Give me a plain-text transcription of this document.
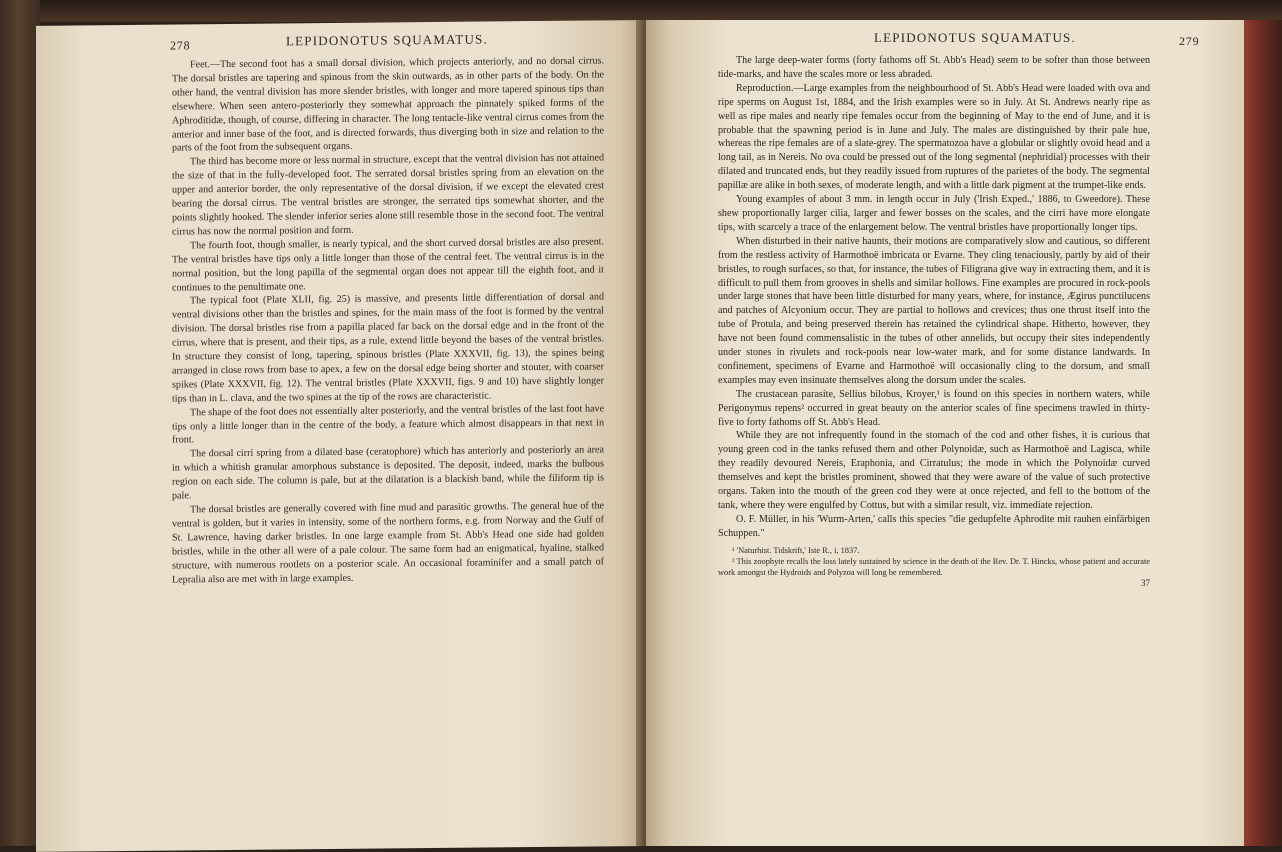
278	LEPIDONOTUS SQUAMATUS.

Feet.—The second foot has a small dorsal division, which projects anteriorly, and no dorsal cirrus. The dorsal bristles are tapering and spinous from the skin outwards, as in other parts of the body. On the other hand, the ventral division has more slender bristles, with longer and more tapered spinous tips than elsewhere. When seen antero-posteriorly they somewhat approach the pinnately spiked forms of the Aphroditidæ, though, of course, differing in character. The long tentacle-like ventral cirrus comes from the anterior and inner base of the foot, and is directed forwards, thus diverging both in size and relation to the parts of the foot from the subsequent organs.

The third has become more or less normal in structure, except that the ventral division has not attained the size of that in the fully-developed foot. The serrated dorsal bristles spring from an elevation on the upper and anterior border, the only representative of the dorsal division, if we except the elevated crest bearing the dorsal cirrus. The ventral bristles are stronger, the serrated tips somewhat shorter, and the points slightly hooked. The slender inferior series alone still resemble those in the second foot. The ventral cirrus has now the normal position and form.

The fourth foot, though smaller, is nearly typical, and the short curved dorsal bristles are also present. The ventral bristles have tips only a little longer than those of the central feet. The ventral cirrus is in the normal position, but the long papilla of the segmental organ does not appear till the eighth foot, and it continues to the penultimate one.

The typical foot (Plate XLII, fig. 25) is massive, and presents little differentiation of dorsal and ventral divisions other than the bristles and spines, for the main mass of the foot is formed by the ventral division. The dorsal bristles rise from a papilla placed far back on the dorsal edge and in the front of the cirrus, where that is present, and their tips, as a rule, extend little beyond the bases of the ventral bristles. In structure they consist of long, tapering, spinous bristles (Plate XXXVII, fig. 13), the spines being arranged in close rows from base to apex, a few on the dorsal edge being shorter and stouter, with coarser spikes (Plate XXXVII, fig. 12). The ventral bristles (Plate XXXVII, figs. 9 and 10) have slightly longer tips than in L. clava, and the two spines at the tip of the rows are characteristic.

The shape of the foot does not essentially alter posteriorly, and the ventral bristles of the last foot have tips only a little longer than in the centre of the body, a feature which almost disappears in that next in front.

The dorsal cirri spring from a dilated base (ceratophore) which has anteriorly and posteriorly an area in which a whitish granular amorphous substance is deposited. The deposit, indeed, marks the bulbous region on each side. The column is pale, but at the dilatation is a blackish band, while the filiform tip is pale.

The dorsal bristles are generally covered with fine mud and parasitic growths. The general hue of the ventral is golden, but it varies in intensity, some of the northern forms, e.g. from Norway and the Gulf of St. Lawrence, having darker bristles. In one large example from St. Abb's Head one side had golden bristles, while in the other all were of a pale colour. The same form had an enigmatical, hyaline, stalked structure, with numerous rootlets on a posterior scale. An occasional foraminifer and a small patch of Lepralia also are met with in large examples.

LEPIDONOTUS SQUAMATUS.	279

The large deep-water forms (forty fathoms off St. Abb's Head) seem to be softer than those between tide-marks, and have the scales more or less abraded.

Reproduction.—Large examples from the neighbourhood of St. Abb's Head were loaded with ova and ripe sperms on August 1st, 1884, and the Irish examples were so in July. At St. Andrews nearly ripe as well as ripe males and nearly ripe females occur from the beginning of May to the end of June, and it is probable that the spawning period is in June and July. The males are distinguished by their pale hue, whereas the ripe females are of a slate-grey. The spermatozoa have a globular or slightly ovoid head and a long tail, as in Nereis. No ova could be pressed out of the long segmental (nephridial) processes with their dilated and truncated ends, but they readily issued from ruptures of the parietes of the body. The segmental papillæ are alike in both sexes, of moderate length, and with a little dark pigment at the trumpet-like ends.

Young examples of about 3 mm. in length occur in July ('Irish Exped.,' 1886, to Gweedore). These shew proportionally larger cilia, larger and fewer bosses on the scales, and the cirri have more elongate tips, with scarcely a trace of the enlargement below. The ventral bristles have proportionally longer tips.

When disturbed in their native haunts, their motions are comparatively slow and cautious, so different from the restless activity of Harmothoë imbricata or Evarne. They cling tenaciously, partly by aid of their bristles, to rough surfaces, so that, for instance, the tubes of Filigrana give way in extracting them, and it is difficult to pull them from grooves in shells and similar hollows. Fine examples are procured in rock-pools under large stones that have been little disturbed for many years, where, for instance, Ægirus punctilucens and patches of Alcyonium occur. They are partial to hollows and crevices; thus one thrust itself into the tube of Protula, and being preserved therein has retained the cylindrical shape. Hitherto, however, they have not been found commensalistic in the tubes of other annelids, but occupy their sites independently under stones in rivulets and rock-pools near low-water mark, and for some distance landwards. In confinement, specimens of Evarne and Harmothoë will occasionally cling to the dorsum, and small examples may even insinuate themselves along the dorsum under the scales.

The crustacean parasite, Sellius bilobus, Kroyer,¹ is found on this species in northern waters, while Perigonymus repens² occurred in great beauty on the anterior scales of fine specimens trawled in thirty-five to forty fathoms off St. Abb's Head.

While they are not infrequently found in the stomach of the cod and other fishes, it is curious that young green cod in the tanks refused them and other Polynoidæ, such as Harmothoë and Lagisca, while they readily devoured Nereis, Eraphonia, and Cirratulus; the mode in which the Polynoidæ curved themselves and kept the bristles prominent, showed that they were aware of the value of such protective organs. Taken into the mouth of the green cod they were at once rejected, and fell to the bottom of the tank, where they were engulfed by Cottus, but with a similar result, viz. immediate rejection.

O. F. Müller, in his 'Wurm-Arten,' calls this species "die gedupfelte Aphrodite mit rauhen einfärbigen Schuppen."

¹ 'Naturhist. Tidskrift,' Iste R., i, 1837.

² This zoophyte recalls the loss lately sustained by science in the death of the Rev. Dr. T. Hincks, whose patient and accurate work amongst the Hydroids and Polyzoa will long be remembered.

37
